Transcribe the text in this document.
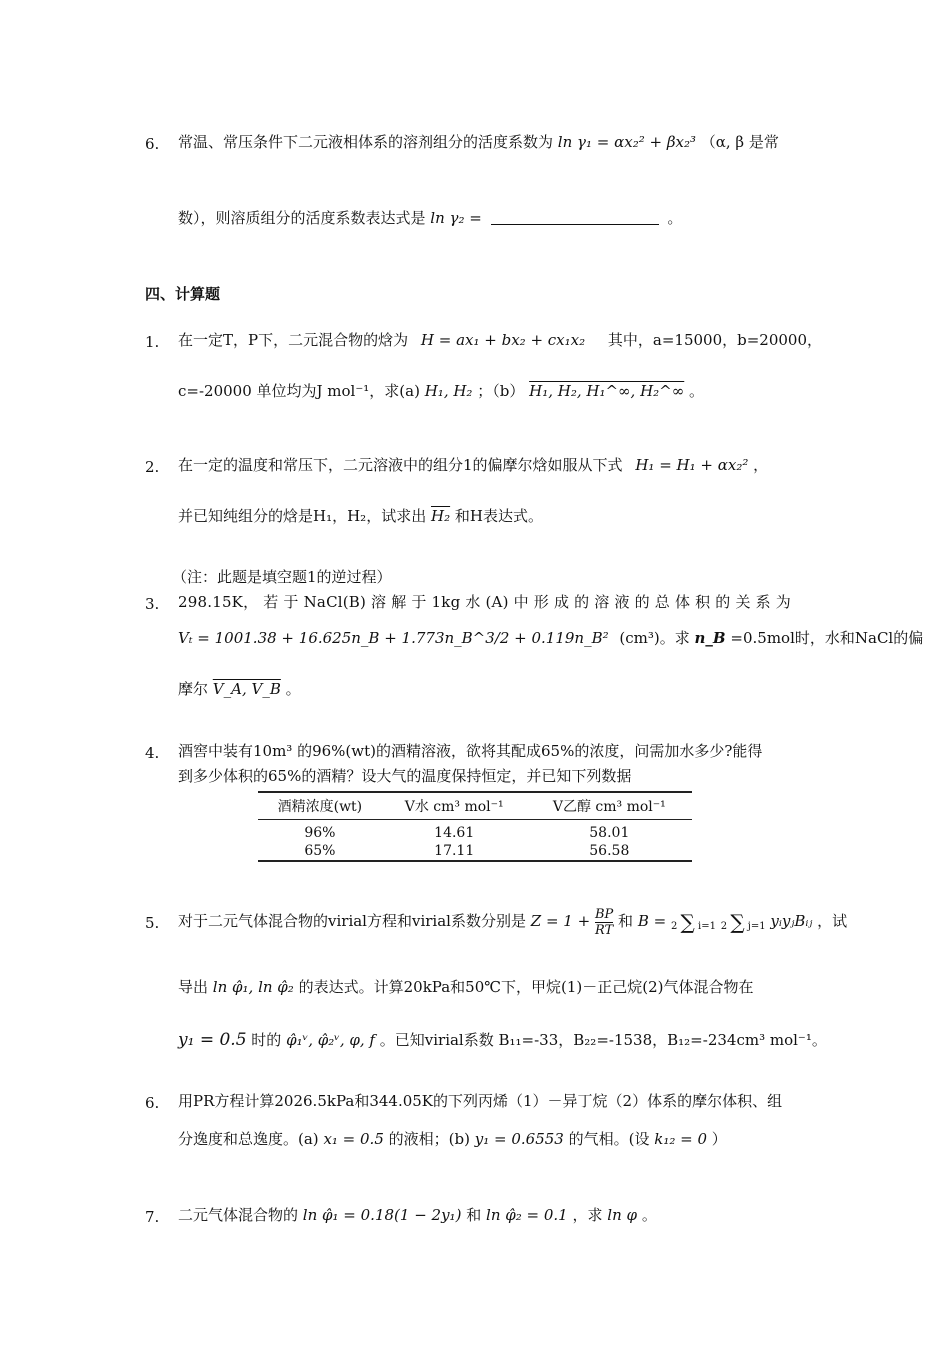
6. 常温、常压条件下二元液相体系的溶剂组分的活度系数为 ln γ₁ = αx₂² + βx₂³ （α, β 是常
数），则溶质组分的活度系数表达式是 ln γ₂ =	。
四、计算题
1. 在一定T，P下，二元混合物的焓为 H = ax₁ + bx₂ + cx₁x₂ 其中，a=15000，b=20000，
c=-20000 单位均为J mol⁻¹，求(a) H₁, H₂ ；（b） H₁, H₂, H₁^∞, H₂^∞ 。
2. 在一定的温度和常压下，二元溶液中的组分1的偏摩尔焓如服从下式 H₁ = H₁ + αx₂² ，
并已知纯组分的焓是H₁，H₂，试求出 H₂ 和H表达式。
（注：此题是填空题1的逆过程）
3. 298.15K， 若 于 NaCl(B) 溶 解 于 1kg 水 (A) 中 形 成 的 溶 液 的 总 体 积 的 关 系 为
Vₜ = 1001.38 + 16.625n_B + 1.773n_B^3/2 + 0.119n_B² (cm³)。求 n_B =0.5mol时，水和NaCl的偏
摩尔 V_A, V_B 。
4. 酒窖中装有10m³ 的96%(wt)的酒精溶液，欲将其配成65%的浓度，问需加水多少?能得
到多少体积的65%的酒精？设大气的温度保持恒定，并已知下列数据
酒精浓度(wt)	V水 cm³ mol⁻¹	V乙醇 cm³ mol⁻¹
96%	14.61	58.01
65%	17.11	56.58
5. 对于二元气体混合物的virial方程和virial系数分别是 $Z = 1 + \frac{BP}{RT}$ 和 B = 2 ∑ i=1 2 ∑ j=1 yᵢyⱼBᵢⱼ ，试
导出 ln φ̂₁, ln φ̂₂ 的表达式。计算20kPa和50℃下，甲烷(1)－正己烷(2)气体混合物在
y₁ = 0.5 时的 φ̂₁ᵛ, φ̂₂ᵛ, φ, f 。已知virial系数 B₁₁=-33，B₂₂=-1538，B₁₂=-234cm³ mol⁻¹。
6. 用PR方程计算2026.5kPa和344.05K的下列丙烯（1）－异丁烷（2）体系的摩尔体积、组
分逸度和总逸度。(a) x₁ = 0.5 的液相；(b) y₁ = 0.6553 的气相。(设 k₁₂ = 0 ）
7. 二元气体混合物的 ln φ̂₁ = 0.18(1 − 2y₁) 和 ln φ̂₂ = 0.1 ，求 ln φ 。
